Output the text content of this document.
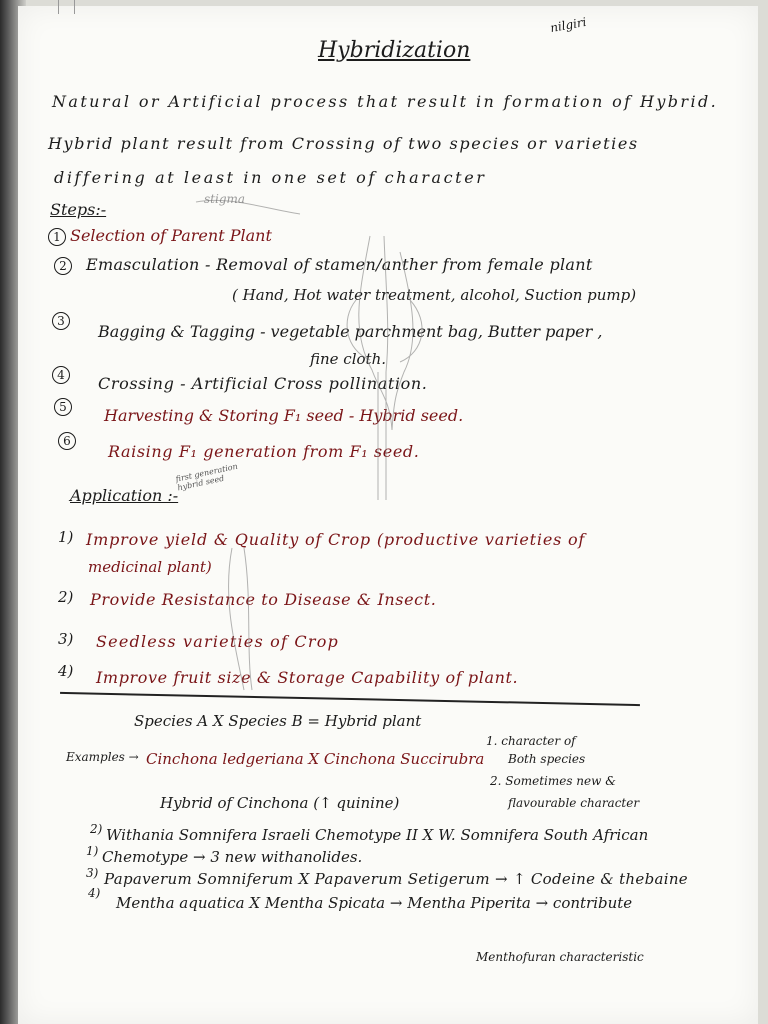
nilgiri
Hybridization
Natural or Artificial process that result in formation of Hybrid.
Hybrid plant result from Crossing of two species or varieties
differing at least in one set of character
Steps:-
1 Selection of Parent Plant
2	Emasculation - Removal of stamen/anther from female plant
( Hand, Hot water treatment, alcohol, Suction pump)
3
Bagging & Tagging - vegetable parchment bag, Butter paper ,
fine cloth.
4	Crossing - Artificial Cross pollination.
5	Harvesting & Storing F₁ seed - Hybrid seed.
6
Raising F₁ generation from F₁ seed.
stigma
first generation hybrid seed
Application :-
1) Improve yield & Quality of Crop (productive varieties of
medicinal plant)
2) Provide Resistance to Disease & Insect.
3) Seedless varieties of Crop
4) Improve fruit size & Storage Capability of plant.
Species A X Species B = Hybrid plant
1. character of
Both species
2. Sometimes new &
flavourable character
Examples → Cinchona ledgeriana X Cinchona Succirubra
Hybrid of Cinchona (↑ quinine)
2) Withania Somnifera Israeli Chemotype II X W. Somnifera South African
1) Chemotype → 3 new withanolides.
3) Papaverum Somniferum X Papaverum Setigerum → ↑ Codeine & thebaine
4)
Mentha aquatica X Mentha Spicata → Mentha Piperita → contribute
Menthofuran characteristic
